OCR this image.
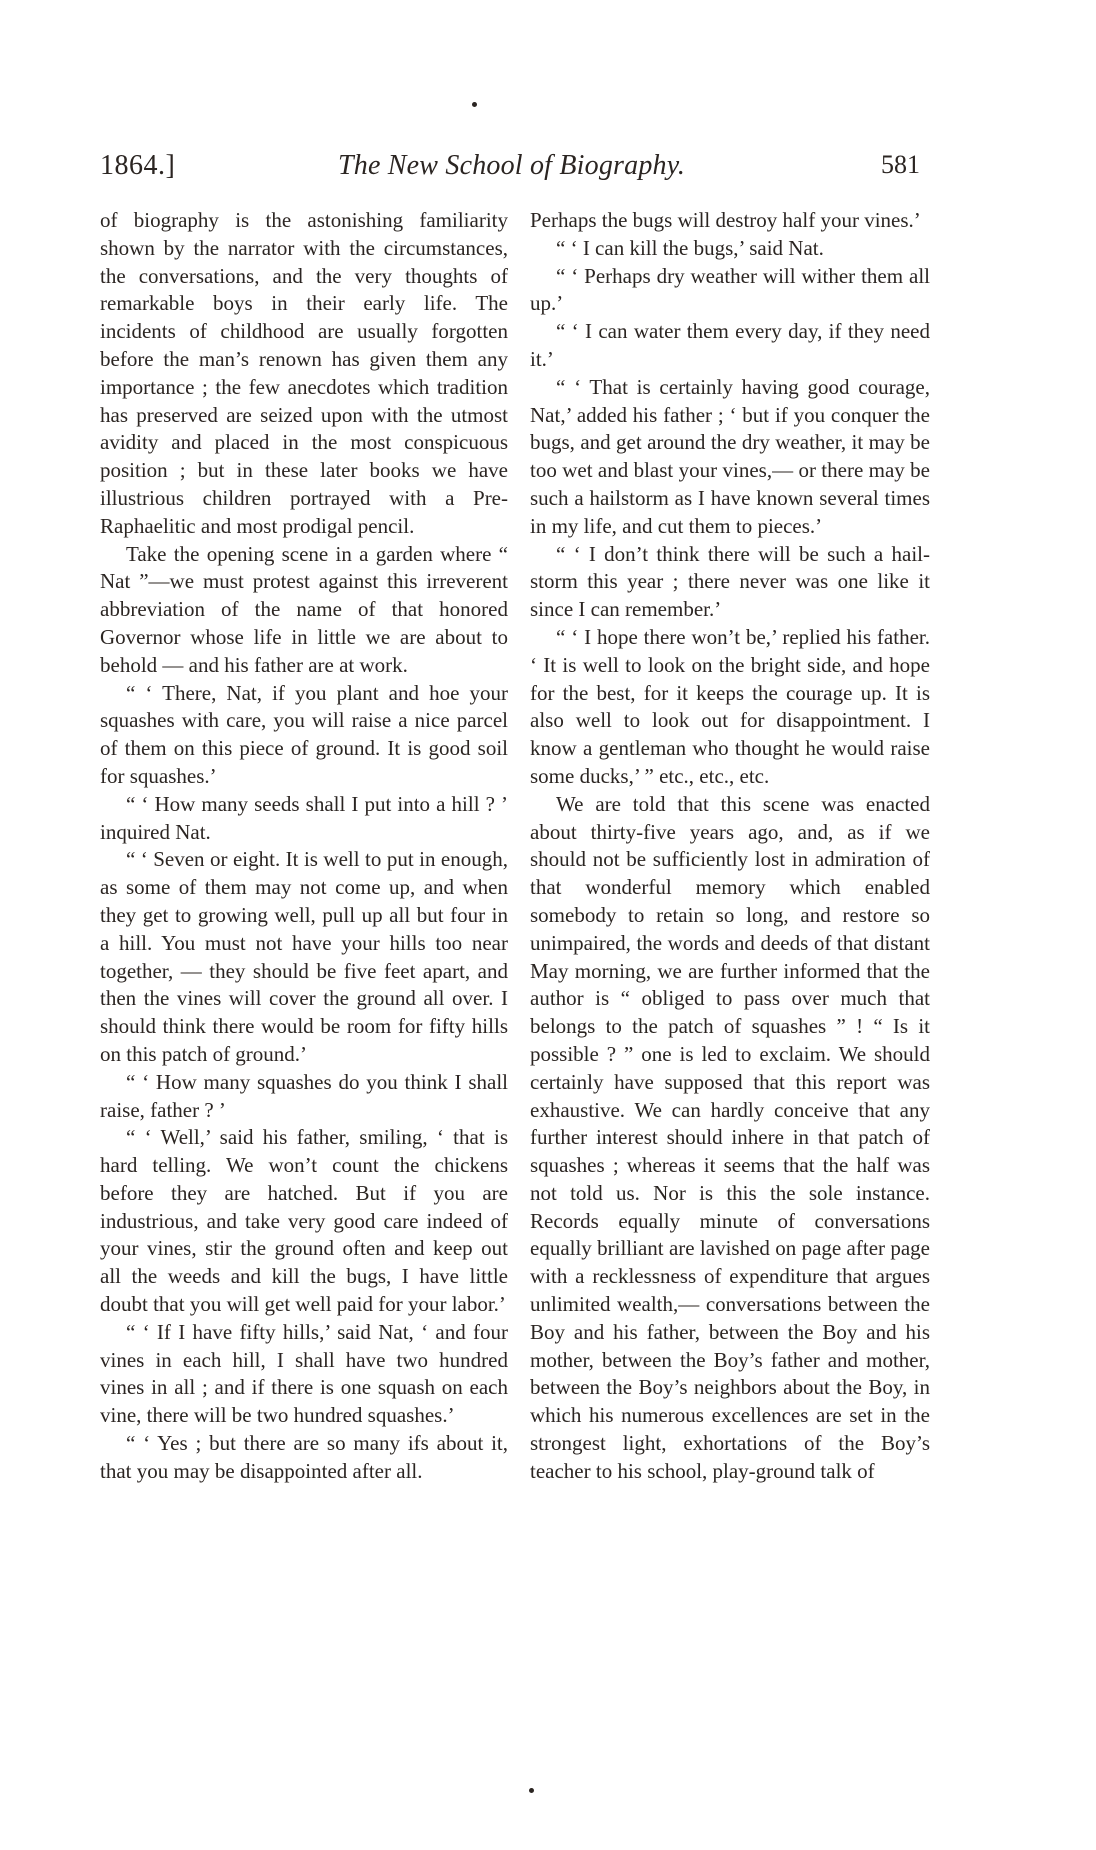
1864.]	The New School of Biography.	581

of biography is the astonishing familiarity shown by the narrator with the circumstances, the conversations, and the very thoughts of remarkable boys in their early life. The incidents of childhood are usually forgotten before the man’s renown has given them any importance ; the few anecdotes which tradition has preserved are seized upon with the utmost avidity and placed in the most conspicuous position ; but in these later books we have illustrious children portrayed with a Pre-Raphaelitic and most prodigal pencil.

Take the opening scene in a garden where “ Nat ”—we must protest against this irreverent abbreviation of the name of that honored Governor whose life in little we are about to behold — and his father are at work.

“ ‘ There, Nat, if you plant and hoe your squashes with care, you will raise a nice parcel of them on this piece of ground. It is good soil for squashes.’

“ ‘ How many seeds shall I put into a hill ? ’ inquired Nat.

“ ‘ Seven or eight. It is well to put in enough, as some of them may not come up, and when they get to growing well, pull up all but four in a hill. You must not have your hills too near together, — they should be five feet apart, and then the vines will cover the ground all over. I should think there would be room for fifty hills on this patch of ground.’

“ ‘ How many squashes do you think I shall raise, father ? ’

“ ‘ Well,’ said his father, smiling, ‘ that is hard telling. We won’t count the chickens before they are hatched. But if you are industrious, and take very good care indeed of your vines, stir the ground often and keep out all the weeds and kill the bugs, I have little doubt that you will get well paid for your labor.’

“ ‘ If I have fifty hills,’ said Nat, ‘ and four vines in each hill, I shall have two hundred vines in all ; and if there is one squash on each vine, there will be two hundred squashes.’

“ ‘ Yes ; but there are so many ifs about it, that you may be disappointed after all.

Perhaps the bugs will destroy half your vines.’

“ ‘ I can kill the bugs,’ said Nat.

“ ‘ Perhaps dry weather will wither them all up.’

“ ‘ I can water them every day, if they need it.’

“ ‘ That is certainly having good courage, Nat,’ added his father ; ‘ but if you conquer the bugs, and get around the dry weather, it may be too wet and blast your vines,— or there may be such a hailstorm as I have known several times in my life, and cut them to pieces.’

“ ‘ I don’t think there will be such a hail-storm this year ; there never was one like it since I can remember.’

“ ‘ I hope there won’t be,’ replied his father. ‘ It is well to look on the bright side, and hope for the best, for it keeps the courage up. It is also well to look out for disappointment. I know a gentleman who thought he would raise some ducks,’ ” etc., etc., etc.

We are told that this scene was enacted about thirty-five years ago, and, as if we should not be sufficiently lost in admiration of that wonderful memory which enabled somebody to retain so long, and restore so unimpaired, the words and deeds of that distant May morning, we are further informed that the author is “ obliged to pass over much that belongs to the patch of squashes ” ! “ Is it possible ? ” one is led to exclaim. We should certainly have supposed that this report was exhaustive. We can hardly conceive that any further interest should inhere in that patch of squashes ; whereas it seems that the half was not told us. Nor is this the sole instance. Records equally minute of conversations equally brilliant are lavished on page after page with a recklessness of expenditure that argues unlimited wealth,— conversations between the Boy and his father, between the Boy and his mother, between the Boy’s father and mother, between the Boy’s neighbors about the Boy, in which his numerous excellences are set in the strongest light, exhortations of the Boy’s teacher to his school, play-ground talk of
